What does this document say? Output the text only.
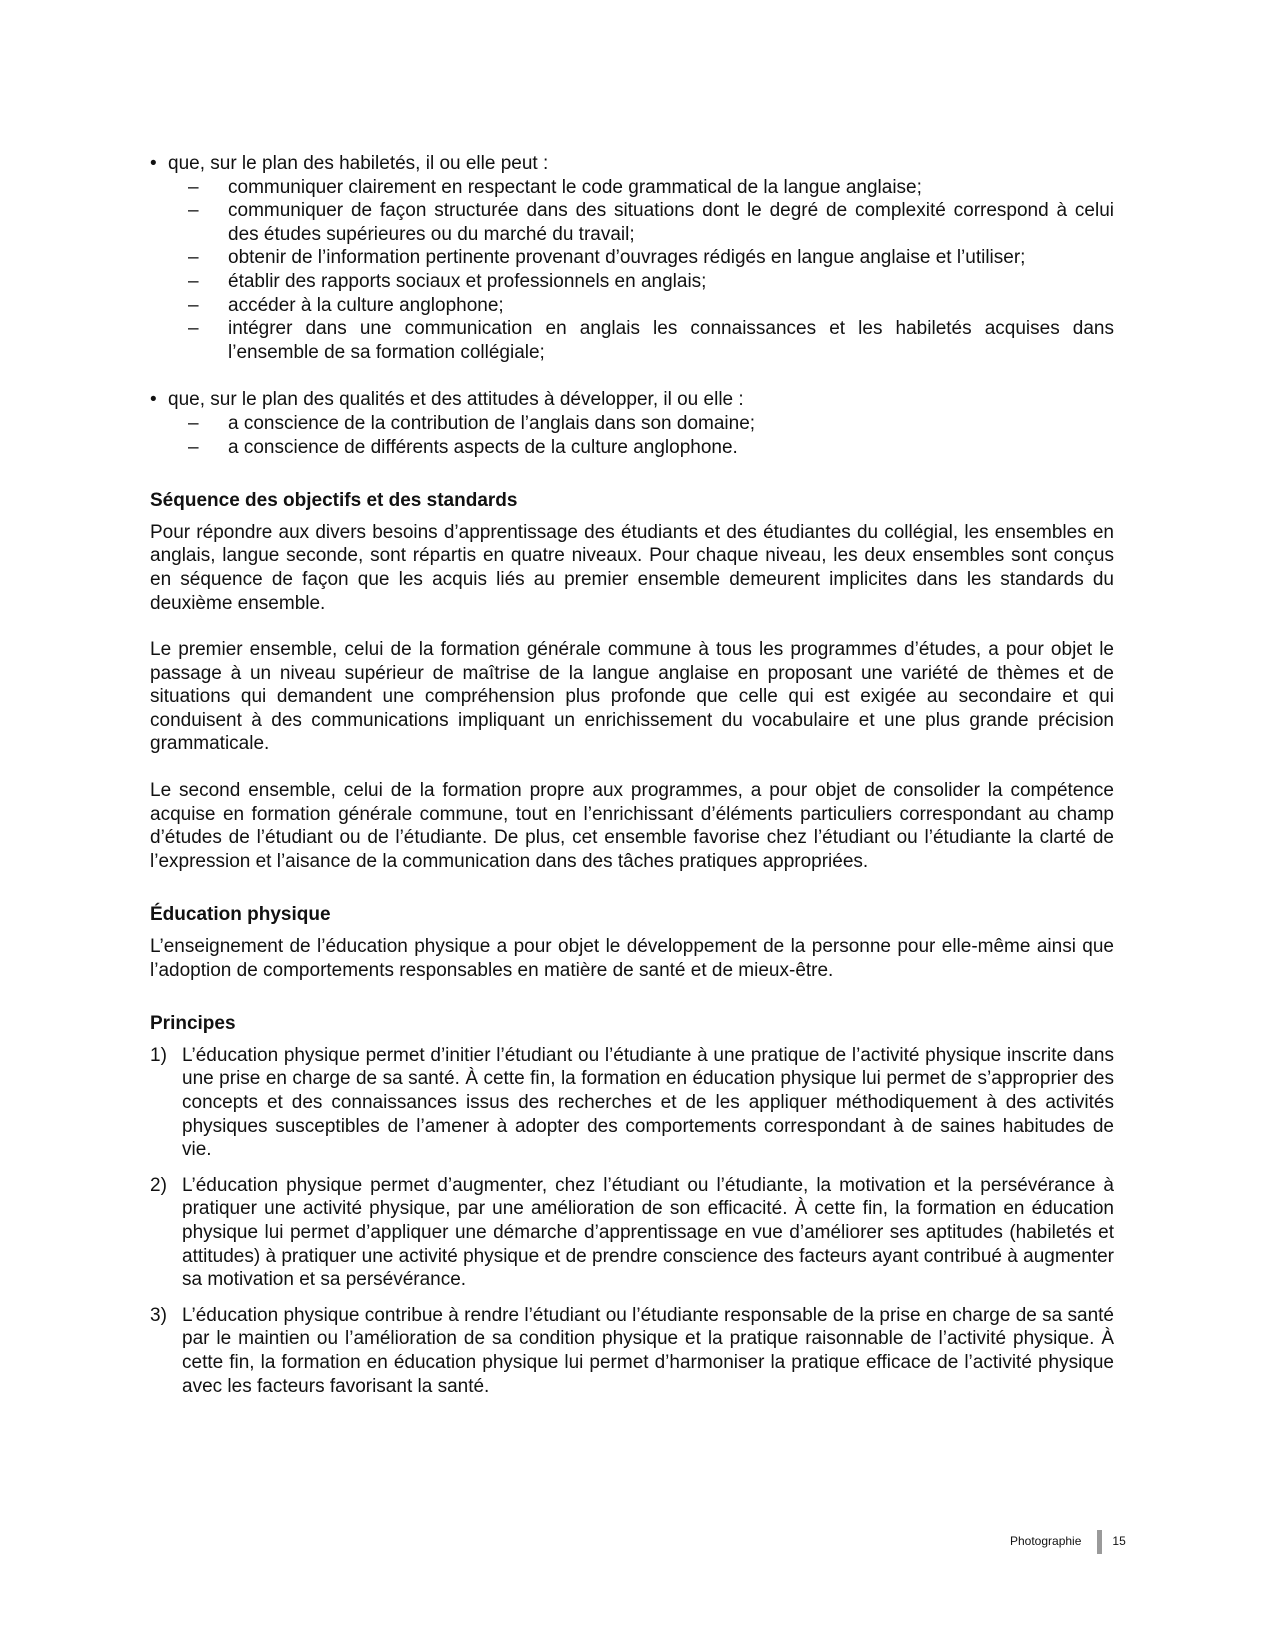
• que, sur le plan des habiletés, il ou elle peut :
– communiquer clairement en respectant le code grammatical de la langue anglaise;
– communiquer de façon structurée dans des situations dont le degré de complexité correspond à celui des études supérieures ou du marché du travail;
– obtenir de l’information pertinente provenant d’ouvrages rédigés en langue anglaise et l’utiliser;
– établir des rapports sociaux et professionnels en anglais;
– accéder à la culture anglophone;
– intégrer dans une communication en anglais les connaissances et les habiletés acquises dans l’ensemble de sa formation collégiale;
• que, sur le plan des qualités et des attitudes à développer, il ou elle :
– a conscience de la contribution de l’anglais dans son domaine;
– a conscience de différents aspects de la culture anglophone.
Séquence des objectifs et des standards

Pour répondre aux divers besoins d’apprentissage des étudiants et des étudiantes du collégial, les ensembles en anglais, langue seconde, sont répartis en quatre niveaux. Pour chaque niveau, les deux ensembles sont conçus en séquence de façon que les acquis liés au premier ensemble demeurent implicites dans les standards du deuxième ensemble.

Le premier ensemble, celui de la formation générale commune à tous les programmes d’études, a pour objet le passage à un niveau supérieur de maîtrise de la langue anglaise en proposant une variété de thèmes et de situations qui demandent une compréhension plus profonde que celle qui est exigée au secondaire et qui conduisent à des communications impliquant un enrichissement du vocabulaire et une plus grande précision grammaticale.

Le second ensemble, celui de la formation propre aux programmes, a pour objet de consolider la compétence acquise en formation générale commune, tout en l’enrichissant d’éléments particuliers correspondant au champ d’études de l’étudiant ou de l’étudiante. De plus, cet ensemble favorise chez l’étudiant ou l’étudiante la clarté de l’expression et l’aisance de la communication dans des tâches pratiques appropriées.

Éducation physique

L’enseignement de l’éducation physique a pour objet le développement de la personne pour elle-même ainsi que l’adoption de comportements responsables en matière de santé et de mieux-être.

Principes
1) L’éducation physique permet d’initier l’étudiant ou l’étudiante à une pratique de l’activité physique inscrite dans une prise en charge de sa santé. À cette fin, la formation en éducation physique lui permet de s’approprier des concepts et des connaissances issus des recherches et de les appliquer méthodiquement à des activités physiques susceptibles de l’amener à adopter des comportements correspondant à de saines habitudes de vie.
2) L’éducation physique permet d’augmenter, chez l’étudiant ou l’étudiante, la motivation et la persévérance à pratiquer une activité physique, par une amélioration de son efficacité. À cette fin, la formation en éducation physique lui permet d’appliquer une démarche d’apprentissage en vue d’améliorer ses aptitudes (habiletés et attitudes) à pratiquer une activité physique et de prendre conscience des facteurs ayant contribué à augmenter sa motivation et sa persévérance.
3) L’éducation physique contribue à rendre l’étudiant ou l’étudiante responsable de la prise en charge de sa santé par le maintien ou l’amélioration de sa condition physique et la pratique raisonnable de l’activité physique. À cette fin, la formation en éducation physique lui permet d’harmoniser la pratique efficace de l’activité physique avec les facteurs favorisant la santé.
Photographie	15
